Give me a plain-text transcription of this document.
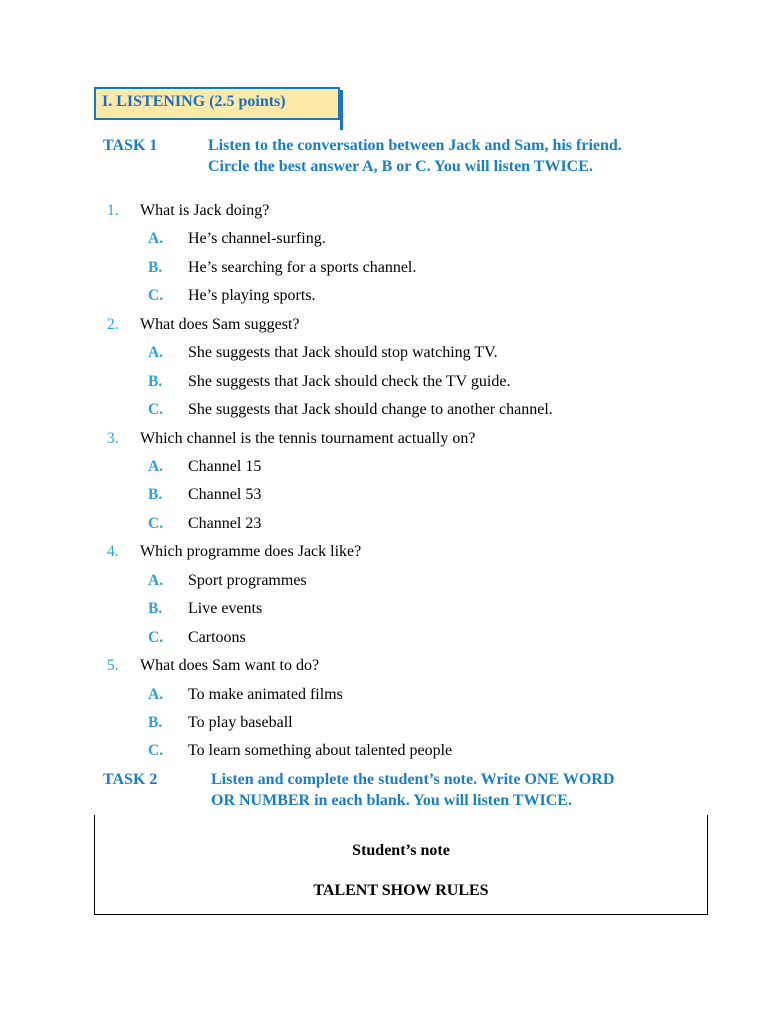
I. LISTENING (2.5 points)
TASK 1	Listen to the conversation between Jack and Sam, his friend.
Circle the best answer A, B or C. You will listen TWICE.
1. What is Jack doing?
A. He’s channel-surfing.
B. He’s searching for a sports channel.
C. He’s playing sports.
2. What does Sam suggest?
A. She suggests that Jack should stop watching TV.
B. She suggests that Jack should check the TV guide.
C. She suggests that Jack should change to another channel.
3. Which channel is the tennis tournament actually on?
A. Channel 15
B. Channel 53
C. Channel 23
4. Which programme does Jack like?
A. Sport programmes
B. Live events
C. Cartoons
5. What does Sam want to do?
A. To make animated films
B. To play baseball
C. To learn something about talented people
TASK 2	Listen and complete the student’s note. Write ONE WORD
OR NUMBER in each blank. You will listen TWICE.
Student’s note
TALENT SHOW RULES
